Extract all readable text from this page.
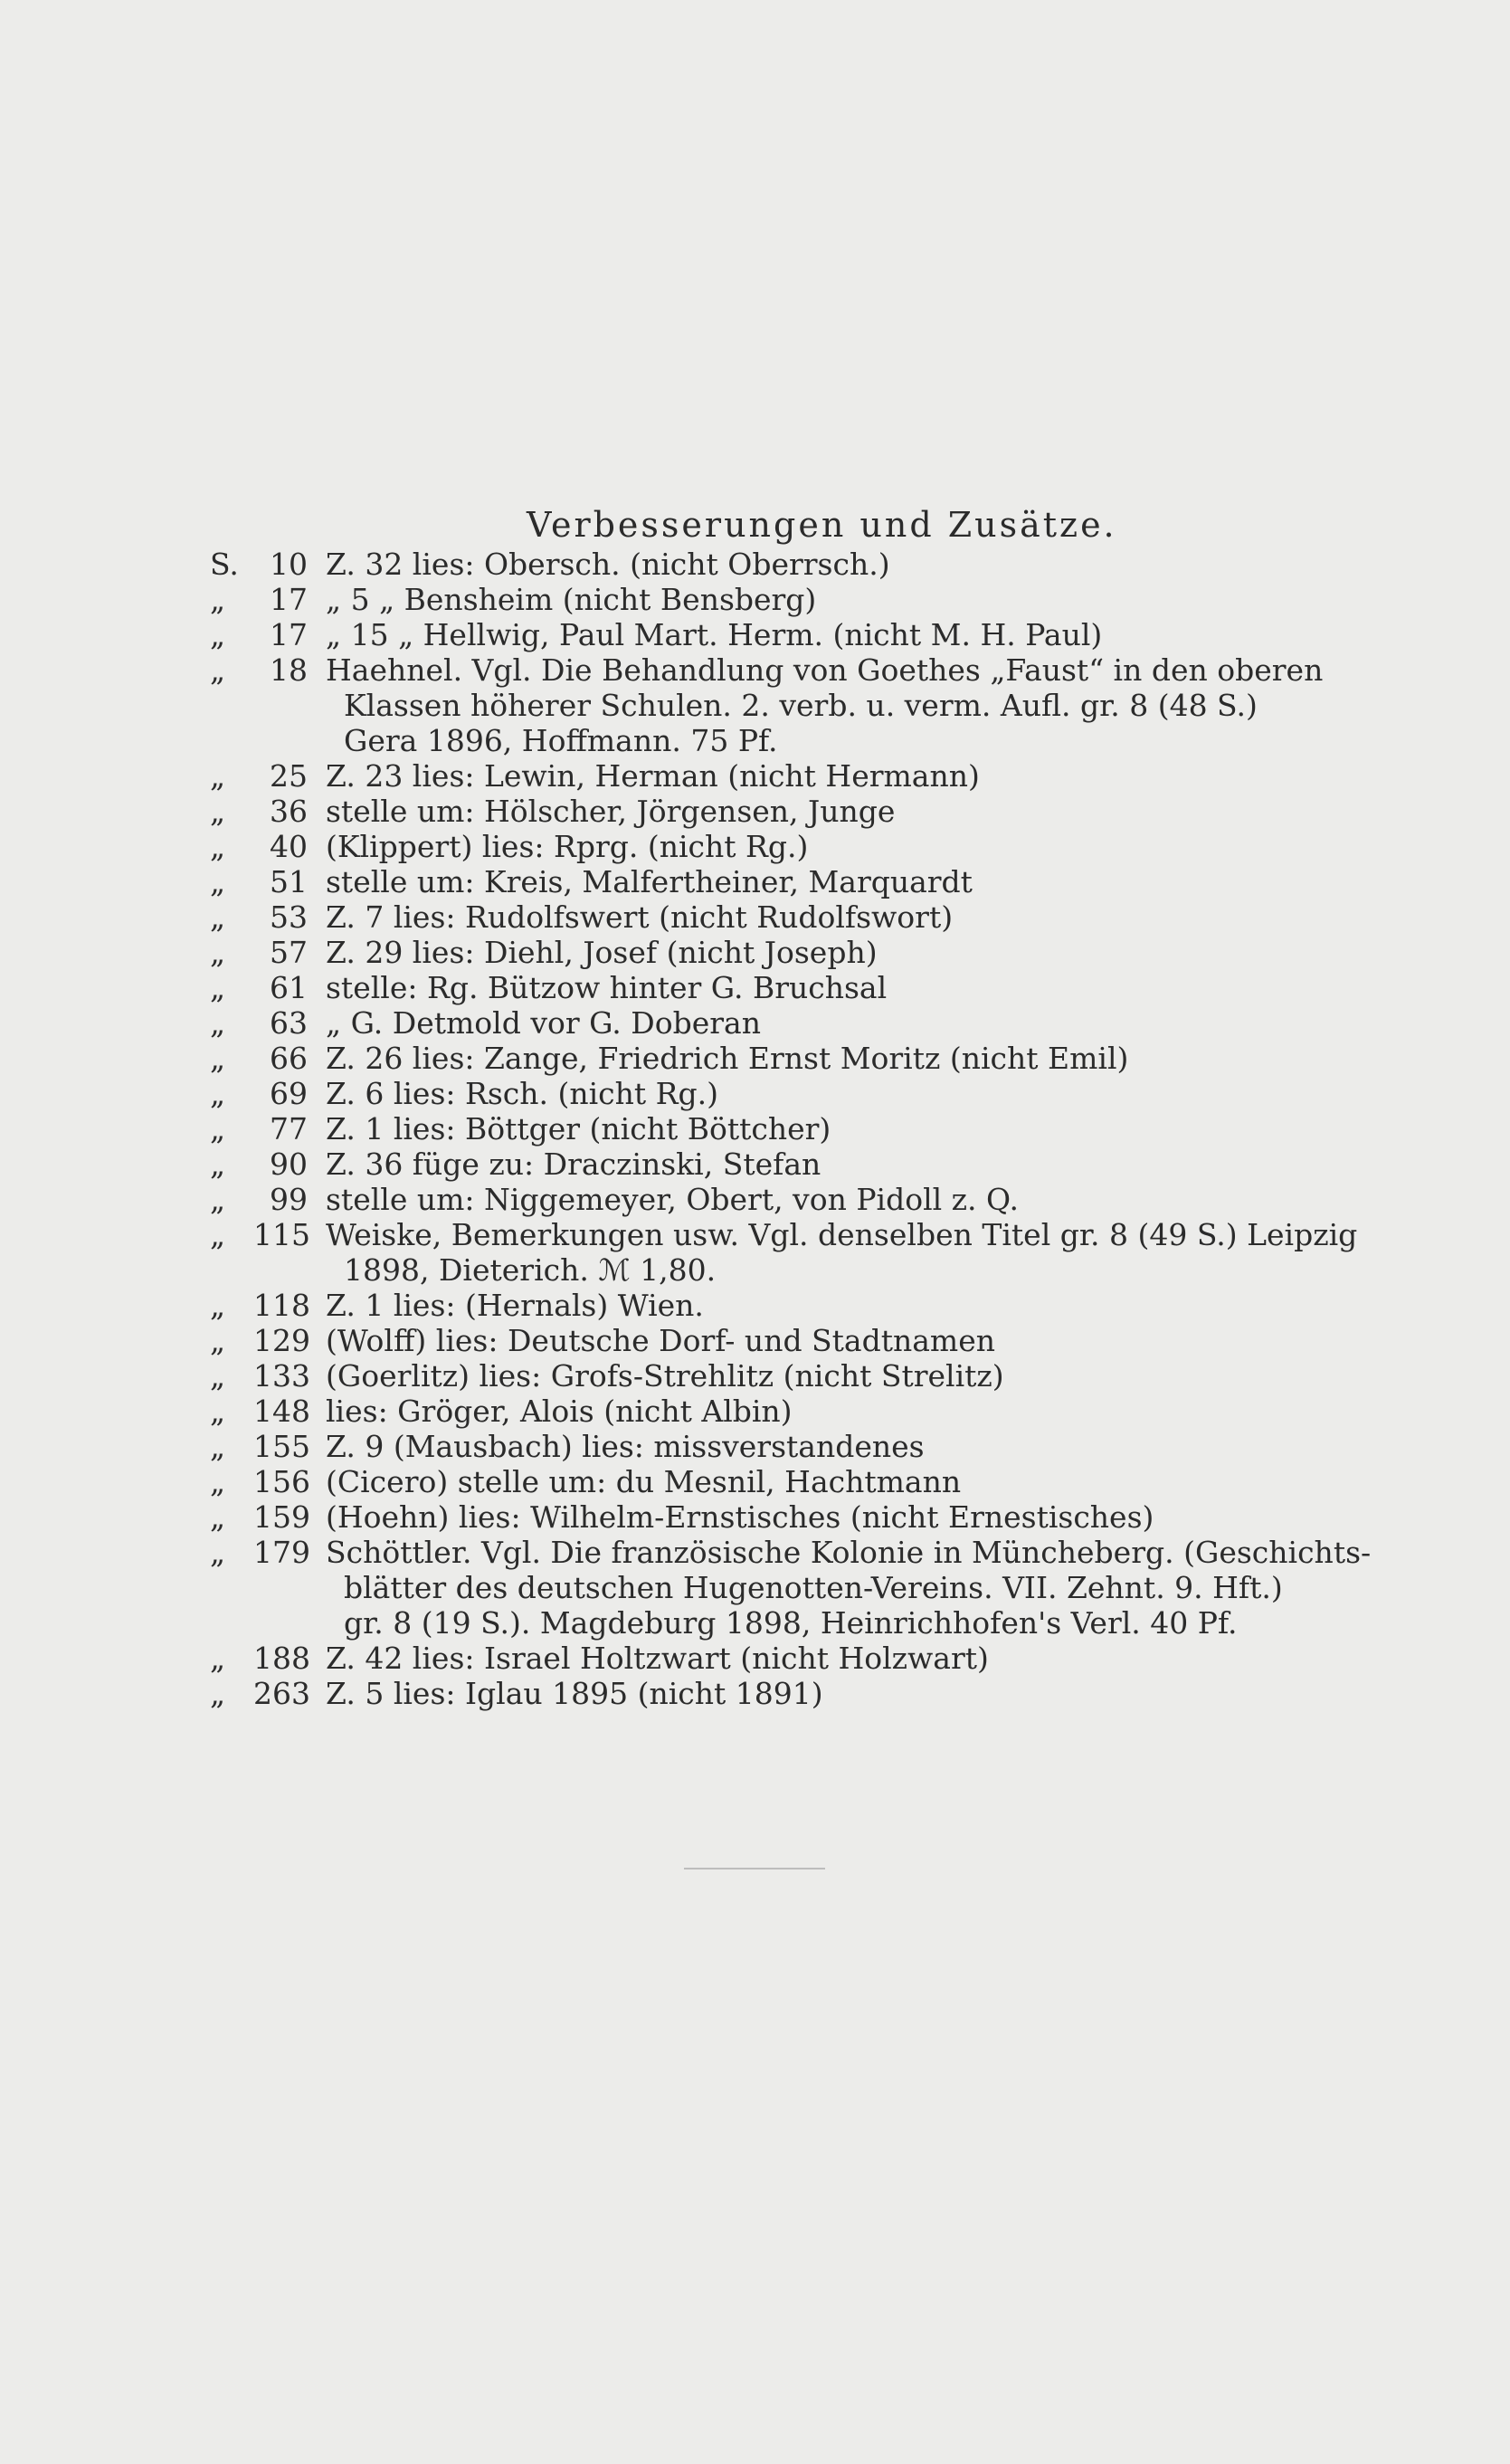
Verbesserungen und Zusätze.
S.	10 Z. 32 lies: Obersch. (nicht Oberrsch.)
„	17 „ 5 „ Bensheim (nicht Bensberg)
„	17 „ 15 „ Hellwig, Paul Mart. Herm. (nicht M. H. Paul)
„	18 Haehnel. Vgl. Die Behandlung von Goethes „Faust“ in den oberen
Klassen höherer Schulen. 2. verb. u. verm. Aufl. gr. 8 (48 S.)
Gera 1896, Hoffmann. 75 Pf.
„	25 Z. 23 lies: Lewin, Herman (nicht Hermann)
„	36 stelle um: Hölscher, Jörgensen, Junge
„	40 (Klippert) lies: Rprg. (nicht Rg.)
„	51 stelle um: Kreis, Malfertheiner, Marquardt
„	53 Z. 7 lies: Rudolfswert (nicht Rudolfswort)
„	57 Z. 29 lies: Diehl, Josef (nicht Joseph)
„	61 stelle: Rg. Bützow hinter G. Bruchsal
„	63 „ G. Detmold vor G. Doberan
„	66 Z. 26 lies: Zange, Friedrich Ernst Moritz (nicht Emil)
„	69 Z. 6 lies: Rsch. (nicht Rg.)
„	77 Z. 1 lies: Böttger (nicht Böttcher)
„	90 Z. 36 füge zu: Draczinski, Stefan
„	99 stelle um: Niggemeyer, Obert, von Pidoll z. Q.
„ 115 Weiske, Bemerkungen usw. Vgl. denselben Titel gr. 8 (49 S.) Leipzig
1898, Dieterich. ℳ 1,80.
„ 118 Z. 1 lies: (Hernals) Wien.
„ 129 (Wolff) lies: Deutsche Dorf- und Stadtnamen
„ 133 (Goerlitz) lies: Grofs-Strehlitz (nicht Strelitz)
„ 148 lies: Gröger, Alois (nicht Albin)
„ 155 Z. 9 (Mausbach) lies: missverstandenes
„ 156 (Cicero) stelle um: du Mesnil, Hachtmann
„ 159 (Hoehn) lies: Wilhelm-Ernstisches (nicht Ernestisches)
„ 179 Schöttler. Vgl. Die französische Kolonie in Müncheberg. (Geschichts-
blätter des deutschen Hugenotten-Vereins. VII. Zehnt. 9. Hft.)
gr. 8 (19 S.). Magdeburg 1898, Heinrichhofen's Verl. 40 Pf.
„ 188 Z. 42 lies: Israel Holtzwart (nicht Holzwart)
„ 263 Z. 5 lies: Iglau 1895 (nicht 1891)
